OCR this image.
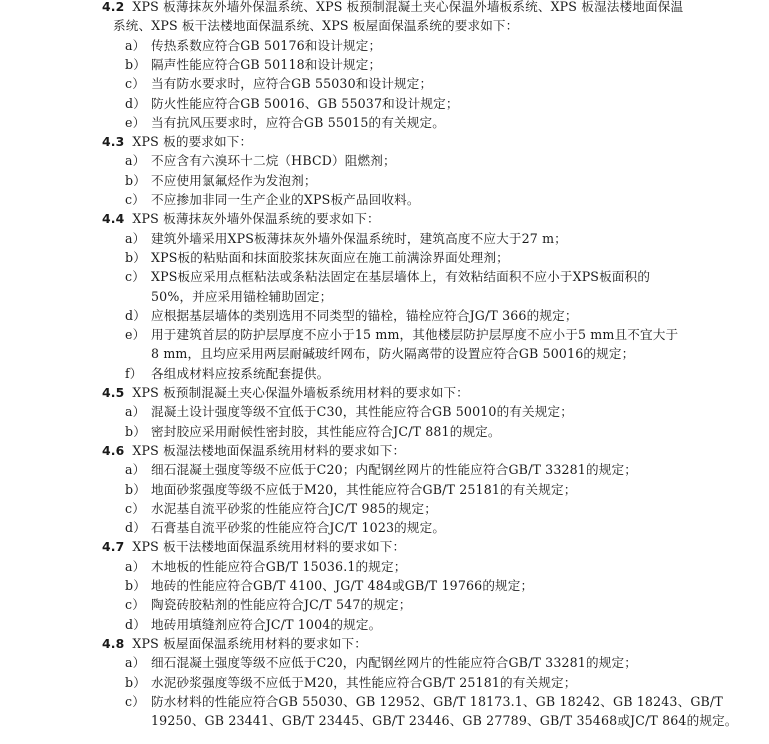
4.2 XPS 板薄抹灰外墙外保温系统、XPS 板预制混凝土夹心保温外墙板系统、XPS 板湿法楼地面保温
系统、XPS 板干法楼地面保温系统、XPS 板屋面保温系统的要求如下：
a） 传热系数应符合GB 50176和设计规定；
b） 隔声性能应符合GB 50118和设计规定；
c） 当有防水要求时，应符合GB 55030和设计规定；
d） 防火性能应符合GB 50016、GB 55037和设计规定；
e） 当有抗风压要求时，应符合GB 55015的有关规定。
4.3 XPS 板的要求如下：
a） 不应含有六溴环十二烷（HBCD）阻燃剂；
b） 不应使用氯氟烃作为发泡剂；
c） 不应掺加非同一生产企业的XPS板产品回收料。
4.4 XPS 板薄抹灰外墙外保温系统的要求如下：
a） 建筑外墙采用XPS板薄抹灰外墙外保温系统时，建筑高度不应大于27 m；
b） XPS板的粘贴面和抹面胶浆抹灰面应在施工前满涂界面处理剂；
c） XPS板应采用点框粘法或条粘法固定在基层墙体上，有效粘结面积不应小于XPS板面积的
50%，并应采用锚栓辅助固定；
d） 应根据基层墙体的类别选用不同类型的锚栓，锚栓应符合JG/T 366的规定；
e） 用于建筑首层的防护层厚度不应小于15 mm，其他楼层防护层厚度不应小于5 mm且不宜大于
8 mm，且均应采用两层耐碱玻纤网布，防火隔离带的设置应符合GB 50016的规定；
f） 各组成材料应按系统配套提供。
4.5 XPS 板预制混凝土夹心保温外墙板系统用材料的要求如下：
a） 混凝土设计强度等级不宜低于C30，其性能应符合GB 50010的有关规定；
b） 密封胶应采用耐候性密封胶，其性能应符合JC/T 881的规定。
4.6 XPS 板湿法楼地面保温系统用材料的要求如下：
a） 细石混凝土强度等级不应低于C20；内配钢丝网片的性能应符合GB/T 33281的规定；
b） 地面砂浆强度等级不应低于M20，其性能应符合GB/T 25181的有关规定；
c） 水泥基自流平砂浆的性能应符合JC/T 985的规定；
d） 石膏基自流平砂浆的性能应符合JC/T 1023的规定。
4.7 XPS 板干法楼地面保温系统用材料的要求如下：
a） 木地板的性能应符合GB/T 15036.1的规定；
b） 地砖的性能应符合GB/T 4100、JG/T 484或GB/T 19766的规定；
c） 陶瓷砖胶粘剂的性能应符合JC/T 547的规定；
d） 地砖用填缝剂应符合JC/T 1004的规定。
4.8 XPS 板屋面保温系统用材料的要求如下：
a） 细石混凝土强度等级不应低于C20，内配钢丝网片的性能应符合GB/T 33281的规定；
b） 水泥砂浆强度等级不应低于M20，其性能应符合GB/T 25181的有关规定；
c） 防水材料的性能应符合GB 55030、GB 12952、GB/T 18173.1、GB 18242、GB 18243、GB/T
19250、GB 23441、GB/T 23445、GB/T 23446、GB 27789、GB/T 35468或JC/T 864的规定。
